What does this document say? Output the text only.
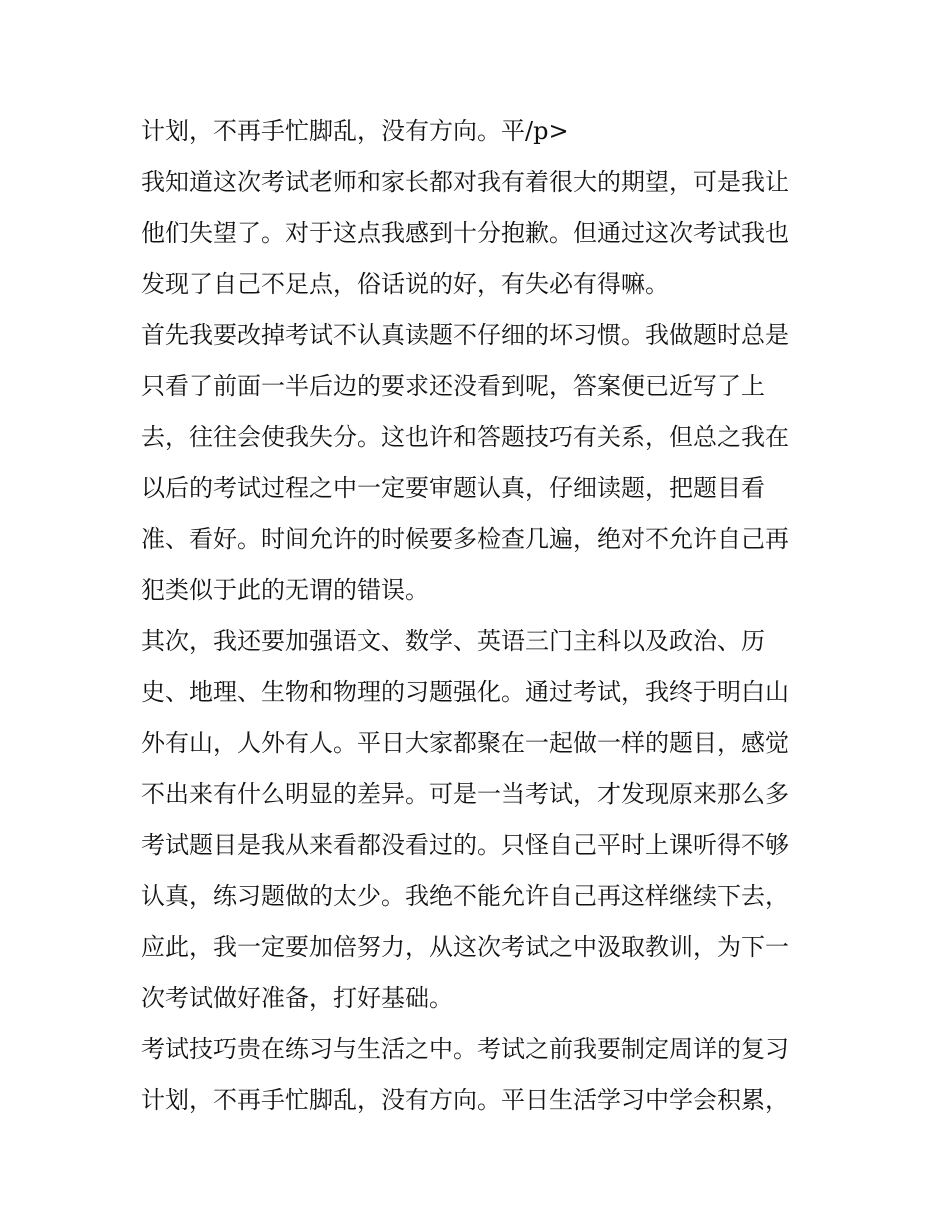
计划，不再手忙脚乱，没有方向。平/p>
我知道这次考试老师和家长都对我有着很大的期望，可是我让
他们失望了。对于这点我感到十分抱歉。但通过这次考试我也
发现了自己不足点，俗话说的好，有失必有得嘛。
首先我要改掉考试不认真读题不仔细的坏习惯。我做题时总是
只看了前面一半后边的要求还没看到呢，答案便已近写了上
去，往往会使我失分。这也许和答题技巧有关系，但总之我在
以后的考试过程之中一定要审题认真，仔细读题，把题目看
准、看好。时间允许的时候要多检查几遍，绝对不允许自己再
犯类似于此的无谓的错误。
其次，我还要加强语文、数学、英语三门主科以及政治、历
史、地理、生物和物理的习题强化。通过考试，我终于明白山
外有山，人外有人。平日大家都聚在一起做一样的题目，感觉
不出来有什么明显的差异。可是一当考试，才发现原来那么多
考试题目是我从来看都没看过的。只怪自己平时上课听得不够
认真，练习题做的太少。我绝不能允许自己再这样继续下去，
应此，我一定要加倍努力，从这次考试之中汲取教训，为下一
次考试做好准备，打好基础。
考试技巧贵在练习与生活之中。考试之前我要制定周详的复习
计划，不再手忙脚乱，没有方向。平日生活学习中学会积累，
